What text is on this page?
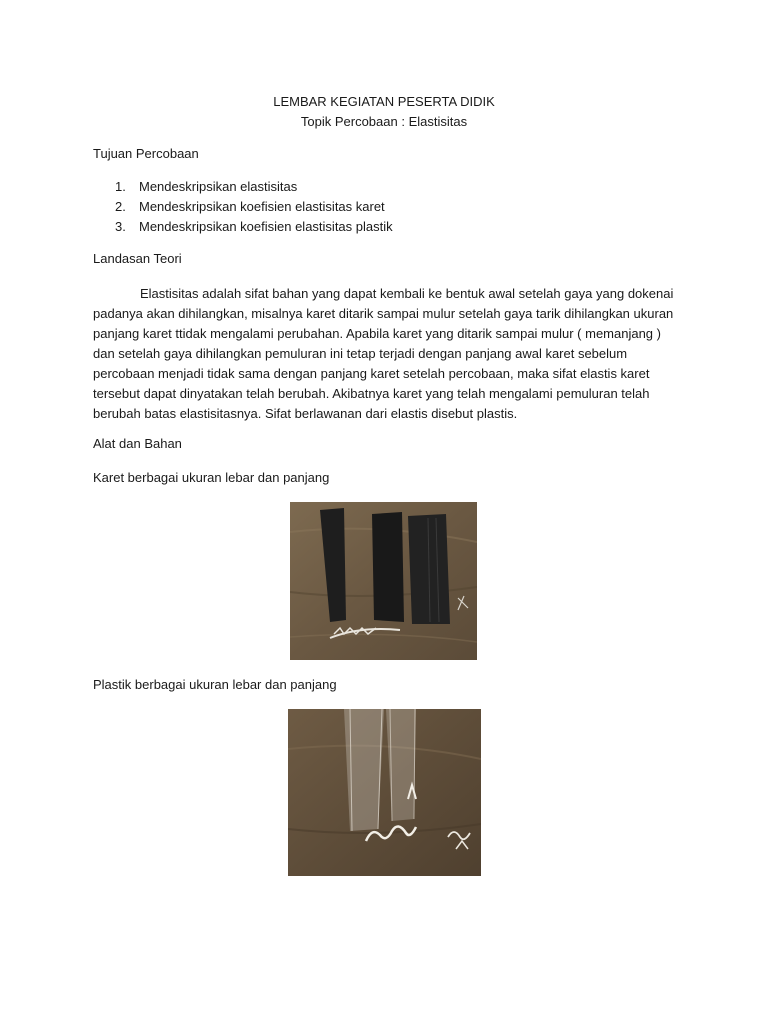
LEMBAR KEGIATAN PESERTA DIDIK
Topik Percobaan : Elastisitas
Tujuan Percobaan
1. Mendeskripsikan elastisitas
2. Mendeskripsikan koefisien elastisitas karet
3. Mendeskripsikan koefisien elastisitas plastik
Landasan Teori
Elastisitas adalah sifat bahan yang dapat kembali ke bentuk awal setelah gaya yang dokenai
padanya akan dihilangkan, misalnya karet ditarik sampai mulur setelah gaya tarik dihilangkan ukuran
panjang karet ttidak mengalami perubahan. Apabila karet yang ditarik sampai mulur ( memanjang )
dan setelah gaya dihilangkan pemuluran ini tetap terjadi dengan panjang awal karet sebelum
percobaan menjadi tidak sama dengan panjang karet setelah percobaan, maka sifat elastis karet
tersebut dapat dinyatakan telah berubah. Akibatnya karet yang telah mengalami pemuluran telah
berubah batas elastisitasnya. Sifat berlawanan dari elastis disebut plastis.
Alat dan Bahan
Karet berbagai ukuran lebar dan panjang
Plastik berbagai ukuran lebar dan panjang
